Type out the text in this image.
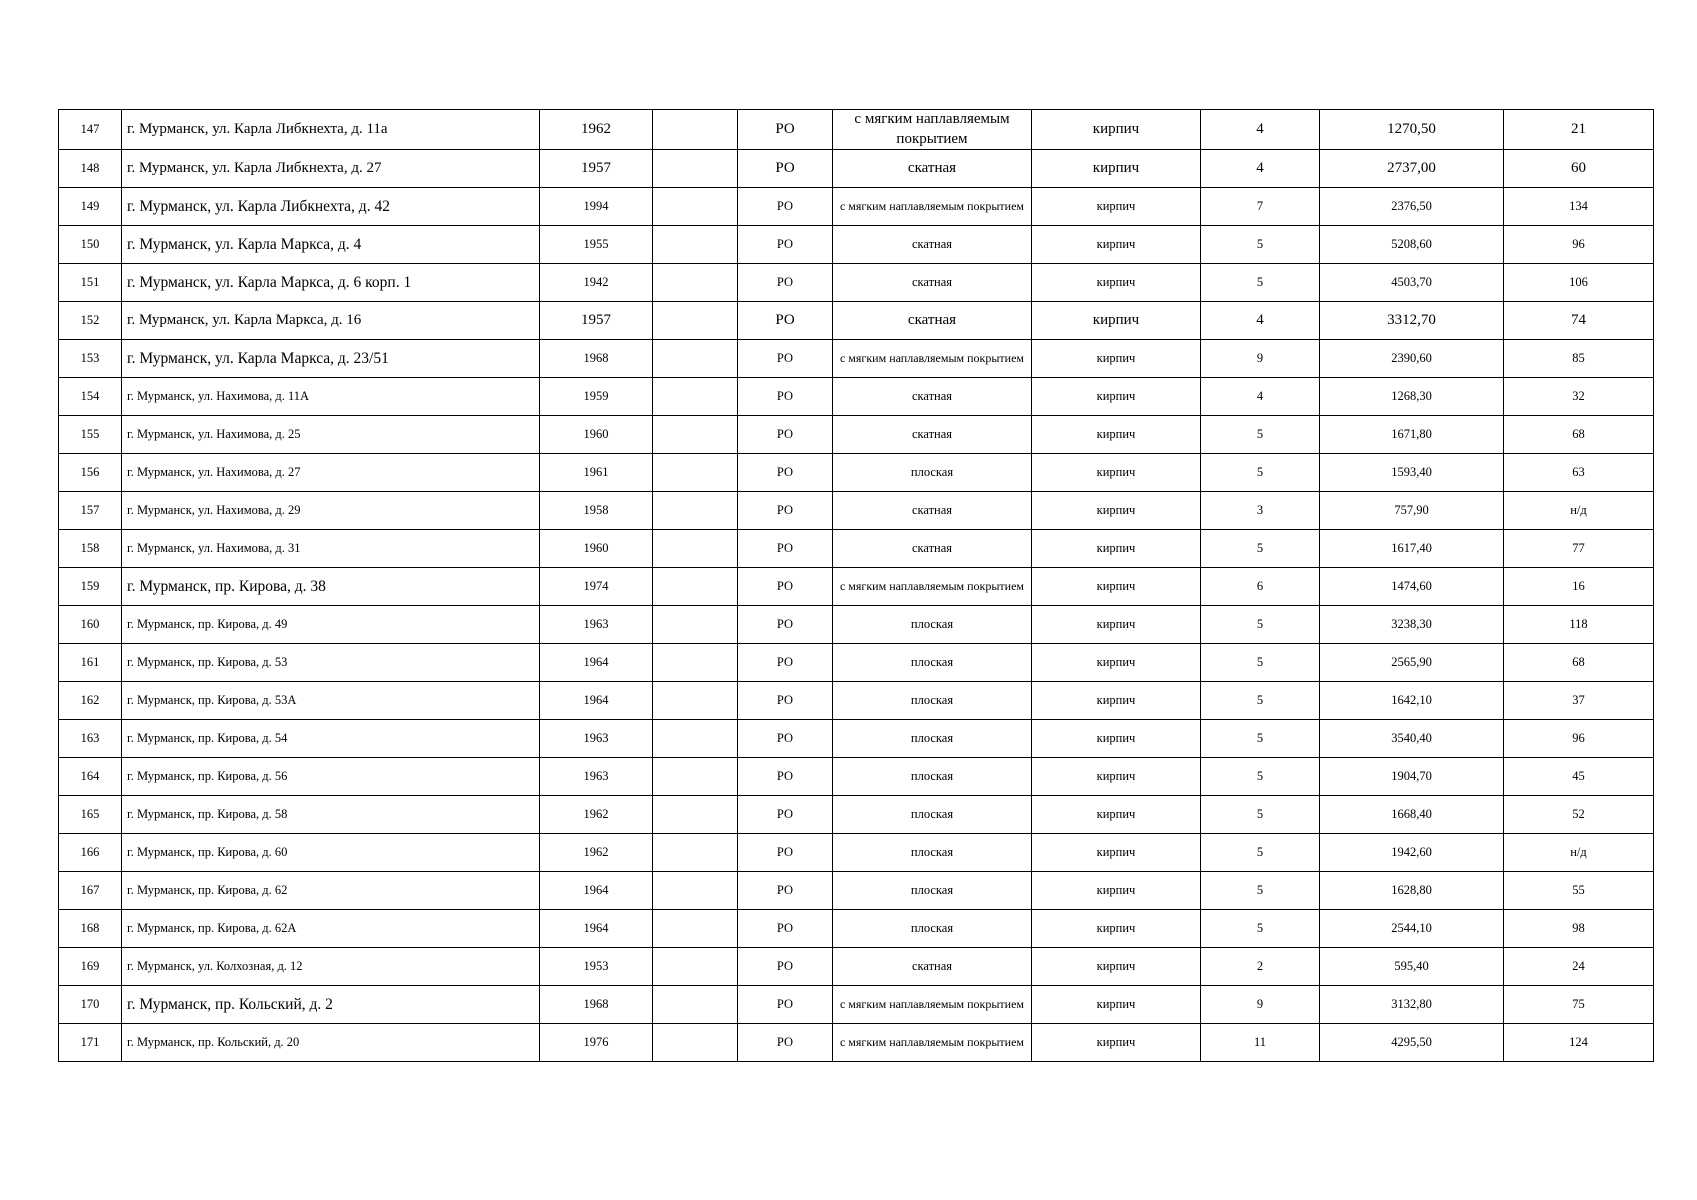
147	г. Мурманск, ул. Карла Либкнехта, д. 11а	1962		РО	с мягким наплавляемым покрытием	кирпич	4	1270,50	21
148	г. Мурманск, ул. Карла Либкнехта, д. 27	1957		РО	скатная	кирпич	4	2737,00	60
149	г. Мурманск, ул. Карла Либкнехта, д. 42	1994		РО	с мягким наплавляемым покрытием	кирпич	7	2376,50	134
150	г. Мурманск, ул. Карла Маркса, д. 4	1955		РО	скатная	кирпич	5	5208,60	96
151	г. Мурманск, ул. Карла Маркса, д. 6 корп. 1	1942		РО	скатная	кирпич	5	4503,70	106
152	г. Мурманск, ул. Карла Маркса, д. 16	1957		РО	скатная	кирпич	4	3312,70	74
153	г. Мурманск, ул. Карла Маркса, д. 23/51	1968		РО	с мягким наплавляемым покрытием	кирпич	9	2390,60	85
154	г. Мурманск, ул. Нахимова, д. 11А	1959		РО	скатная	кирпич	4	1268,30	32
155	г. Мурманск, ул. Нахимова, д. 25	1960		РО	скатная	кирпич	5	1671,80	68
156	г. Мурманск, ул. Нахимова, д. 27	1961		РО	плоская	кирпич	5	1593,40	63
157	г. Мурманск, ул. Нахимова, д. 29	1958		РО	скатная	кирпич	3	757,90	н/д
158	г. Мурманск, ул. Нахимова, д. 31	1960		РО	скатная	кирпич	5	1617,40	77
159	г. Мурманск, пр. Кирова, д. 38	1974		РО	с мягким наплавляемым покрытием	кирпич	6	1474,60	16
160	г. Мурманск, пр. Кирова, д. 49	1963		РО	плоская	кирпич	5	3238,30	118
161	г. Мурманск, пр. Кирова, д. 53	1964		РО	плоская	кирпич	5	2565,90	68
162	г. Мурманск, пр. Кирова, д. 53А	1964		РО	плоская	кирпич	5	1642,10	37
163	г. Мурманск, пр. Кирова, д. 54	1963		РО	плоская	кирпич	5	3540,40	96
164	г. Мурманск, пр. Кирова, д. 56	1963		РО	плоская	кирпич	5	1904,70	45
165	г. Мурманск, пр. Кирова, д. 58	1962		РО	плоская	кирпич	5	1668,40	52
166	г. Мурманск, пр. Кирова, д. 60	1962		РО	плоская	кирпич	5	1942,60	н/д
167	г. Мурманск, пр. Кирова, д. 62	1964		РО	плоская	кирпич	5	1628,80	55
168	г. Мурманск, пр. Кирова, д. 62А	1964		РО	плоская	кирпич	5	2544,10	98
169	г. Мурманск, ул. Колхозная, д. 12	1953		РО	скатная	кирпич	2	595,40	24
170	г. Мурманск, пр. Кольский, д. 2	1968		РО	с мягким наплавляемым покрытием	кирпич	9	3132,80	75
171	г. Мурманск, пр. Кольский, д. 20	1976		РО	с мягким наплавляемым покрытием	кирпич	11	4295,50	124
